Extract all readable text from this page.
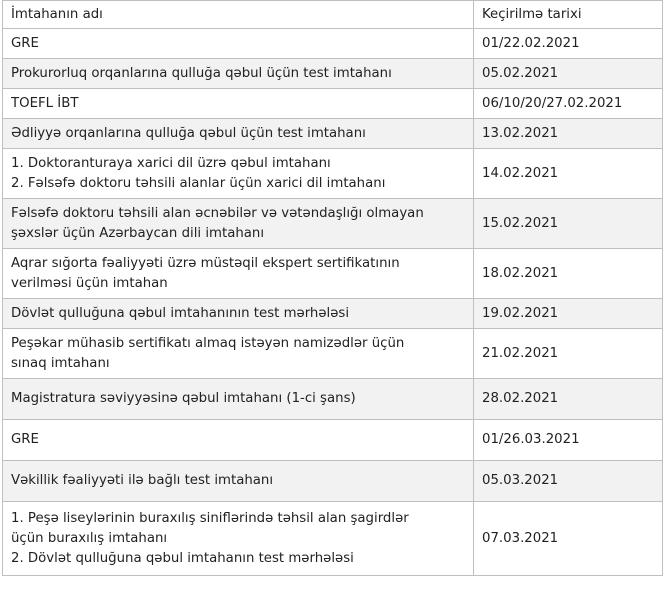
İmtahanın adı	Keçirilmə tarixi
GRE	01/22.02.2021
Prokurorluq orqanlarına qulluğa qəbul üçün test imtahanı	05.02.2021
TOEFL İBT	06/10/20/27.02.2021
Ədliyyə orqanlarına qulluğa qəbul üçün test imtahanı	13.02.2021
1. Doktoranturaya xarici dil üzrə qəbul imtahanı
2. Fəlsəfə doktoru təhsili alanlar üçün xarici dil imtahanı	14.02.2021
Fəlsəfə doktoru təhsili alan əcnəbilər və vətəndaşlığı olmayan
şəxslər üçün Azərbaycan dili imtahanı	15.02.2021
Aqrar sığorta fəaliyyəti üzrə müstəqil ekspert sertifikatının
verilməsi üçün imtahan	18.02.2021
Dövlət qulluğuna qəbul imtahanının test mərhələsi	19.02.2021
Peşəkar mühasib sertifikatı almaq istəyən namizədlər üçün
sınaq imtahanı	21.02.2021
Magistratura səviyyəsinə qəbul imtahanı (1-ci şans)	28.02.2021
GRE	01/26.03.2021
Vəkillik fəaliyyəti ilə bağlı test imtahanı	05.03.2021
1. Peşə liseylərinin buraxılış siniflərində təhsil alan şagirdlər
üçün buraxılış imtahanı
2. Dövlət qulluğuna qəbul imtahanın test mərhələsi	07.03.2021
